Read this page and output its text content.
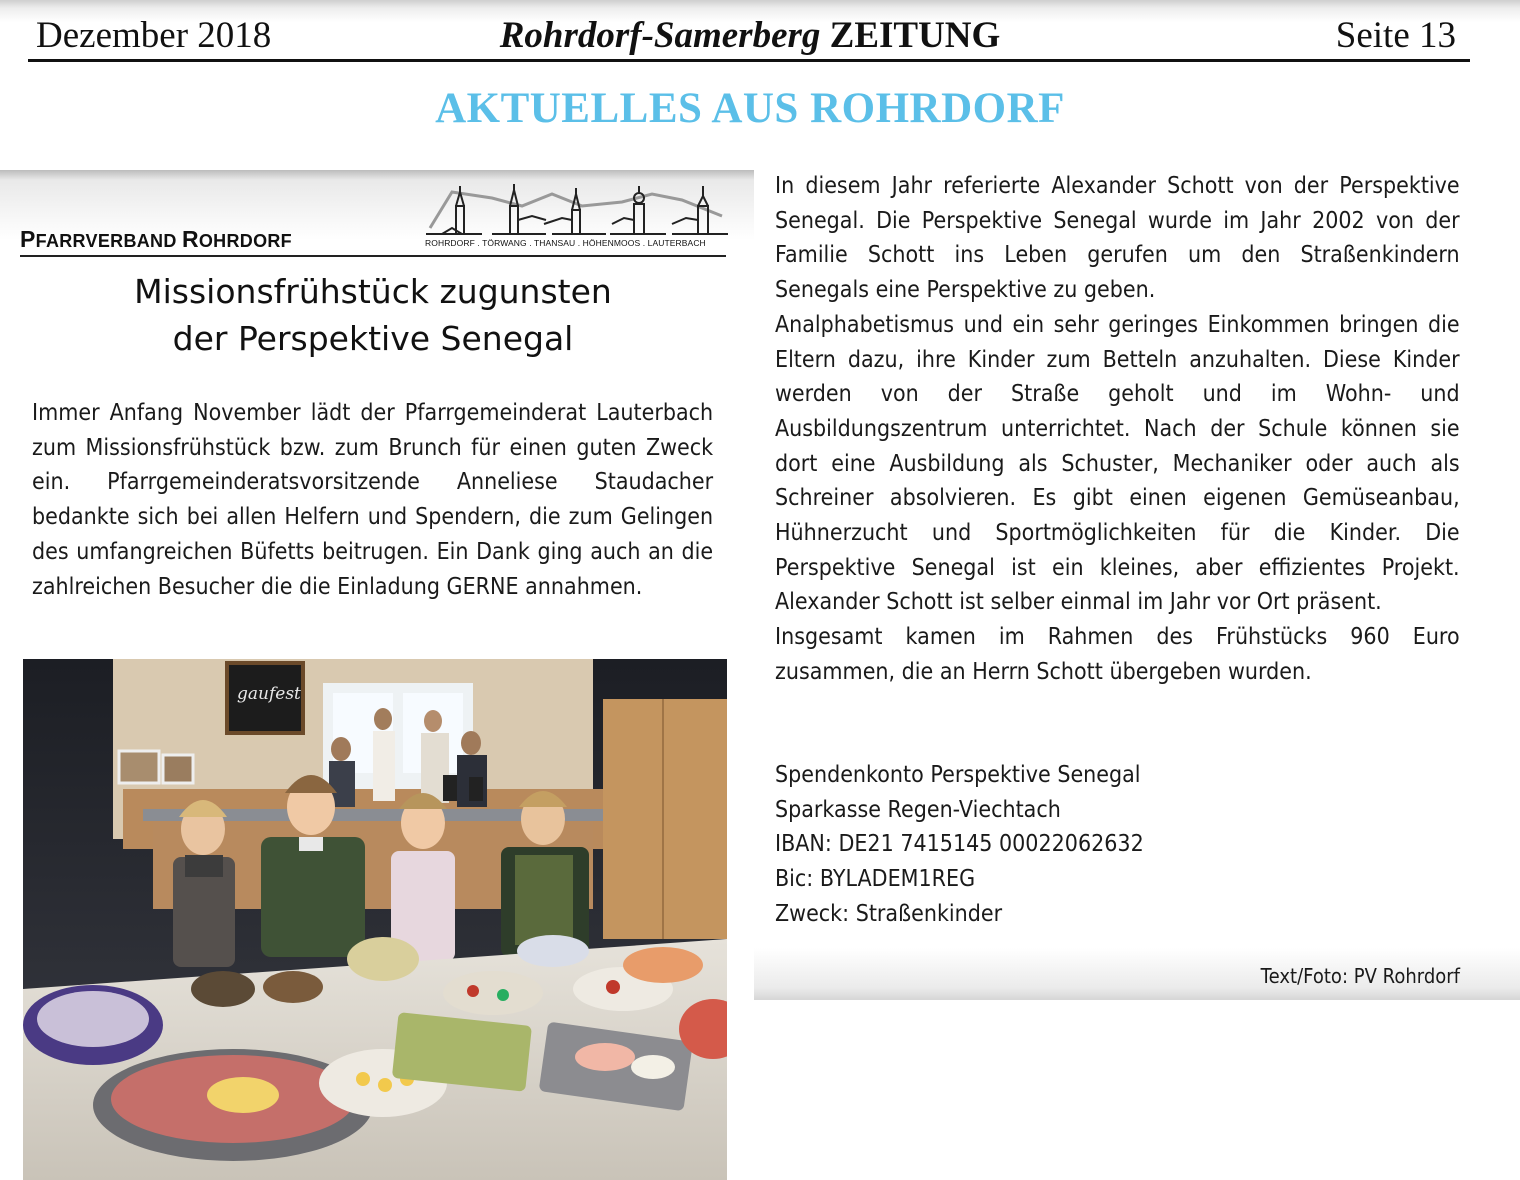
Dezember 2018	Rohrdorf-Samerberg ZEITUNG	Seite 13
AKTUELLES AUS ROHRDORF
PFARRVERBAND ROHRDORF	ROHRDORF . TÖRWANG . THANSAU . HÖHENMOOS . LAUTERBACH
Missionsfrühstück zugunsten
der Perspektive Senegal

Immer Anfang November lädt der Pfarrgemeinderat Lauterbach zum Missionsfrühstück bzw. zum Brunch für einen guten Zweck ein. Pfarrgemeinderatsvorsitzende Anneliese Staudacher bedankte sich bei allen Helfern und Spendern, die zum Gelingen des umfangreichen Büfetts beitrugen. Ein Dank ging auch an die zahlreichen Besucher die die Einladung GERNE annahmen.

gaufest

In diesem Jahr referierte Alexander Schott von der Perspektive Senegal. Die Perspektive Senegal wurde im Jahr 2002 von der Familie Schott ins Leben gerufen um den Straßenkindern Senegals eine Perspektive zu geben.

Analphabetismus und ein sehr geringes Einkommen bringen die Eltern dazu, ihre Kinder zum Betteln anzuhalten. Diese Kinder werden von der Straße geholt und im Wohn- und Ausbildungszentrum unterrichtet. Nach der Schule können sie dort eine Ausbildung als Schuster, Mechaniker oder auch als Schreiner absolvieren. Es gibt einen eigenen Gemüseanbau, Hühnerzucht und Sportmöglichkeiten für die Kinder. Die Perspektive Senegal ist ein kleines, aber effizientes Projekt. Alexander Schott ist selber einmal im Jahr vor Ort präsent.

Insgesamt kamen im Rahmen des Frühstücks 960 Euro zusammen, die an Herrn Schott übergeben wurden.

Spendenkonto Perspektive Senegal
Sparkasse Regen-Viechtach
IBAN: DE21 7415145 00022062632
Bic: BYLADEM1REG
Zweck: Straßenkinder
Text/Foto: PV Rohrdorf
